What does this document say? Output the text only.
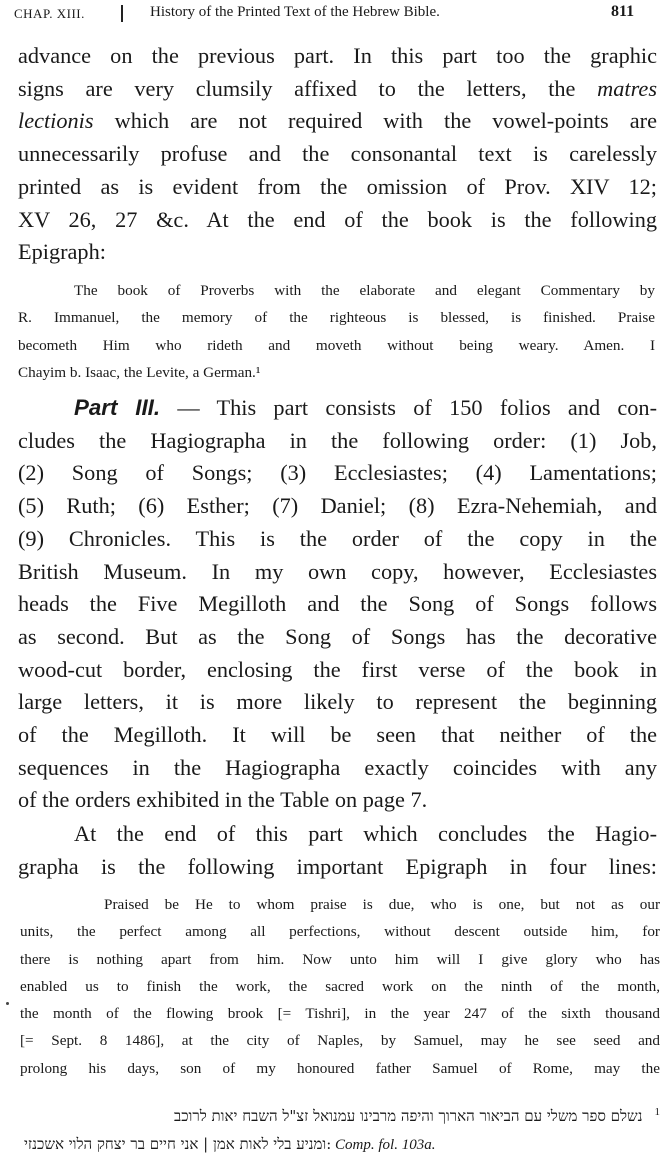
CHAP. XIII.	History of the Printed Text of the Hebrew Bible.	811
advance on the previous part. In this part too the graphic
signs are very clumsily affixed to the letters, the matres
lectionis which are not required with the vowel-points are
unnecessarily profuse and the consonantal text is carelessly
printed as is evident from the omission of Prov. XIV 12;
XV 26, 27 &c. At the end of the book is the following
Epigraph:
The book of Proverbs with the elaborate and elegant Commentary by
R. Immanuel, the memory of the righteous is blessed, is finished. Praise
becometh Him who rideth and moveth without being weary. Amen. I
Chayim b. Isaac, the Levite, a German.¹
Part III. — This part consists of 150 folios and con-
cludes the Hagiographa in the following order: (1) Job,
(2) Song of Songs; (3) Ecclesiastes; (4) Lamentations;
(5) Ruth; (6) Esther; (7) Daniel; (8) Ezra-Nehemiah, and
(9) Chronicles. This is the order of the copy in the
British Museum. In my own copy, however, Ecclesiastes
heads the Five Megilloth and the Song of Songs follows
as second. But as the Song of Songs has the decorative
wood-cut border, enclosing the first verse of the book in
large letters, it is more likely to represent the beginning
of the Megilloth. It will be seen that neither of the
sequences in the Hagiographa exactly coincides with any
of the orders exhibited in the Table on page 7.
At the end of this part which concludes the Hagio-
grapha is the following important Epigraph in four lines:
Praised be He to whom praise is due, who is one, but not as our
units, the perfect among all perfections, without descent outside him, for
there is nothing apart from him. Now unto him will I give glory who has
enabled us to finish the work, the sacred work on the ninth of the month,
the month of the flowing brook [= Tishri], in the year 247 of the sixth thousand
[= Sept. 8 1486], at the city of Naples, by Samuel, may he see seed and
prolong his days, son of my honoured father Samuel of Rome, may the
נשלם ספר משלי עם הביאור הארוך והיפה מרבינו עמנואל זצ"ל השבח יאות לרוכב $^1$
:ומניע בלי לאות אמן | אני חיים בר יצחק הלוי אשכנזי Comp. fol. 103a.
